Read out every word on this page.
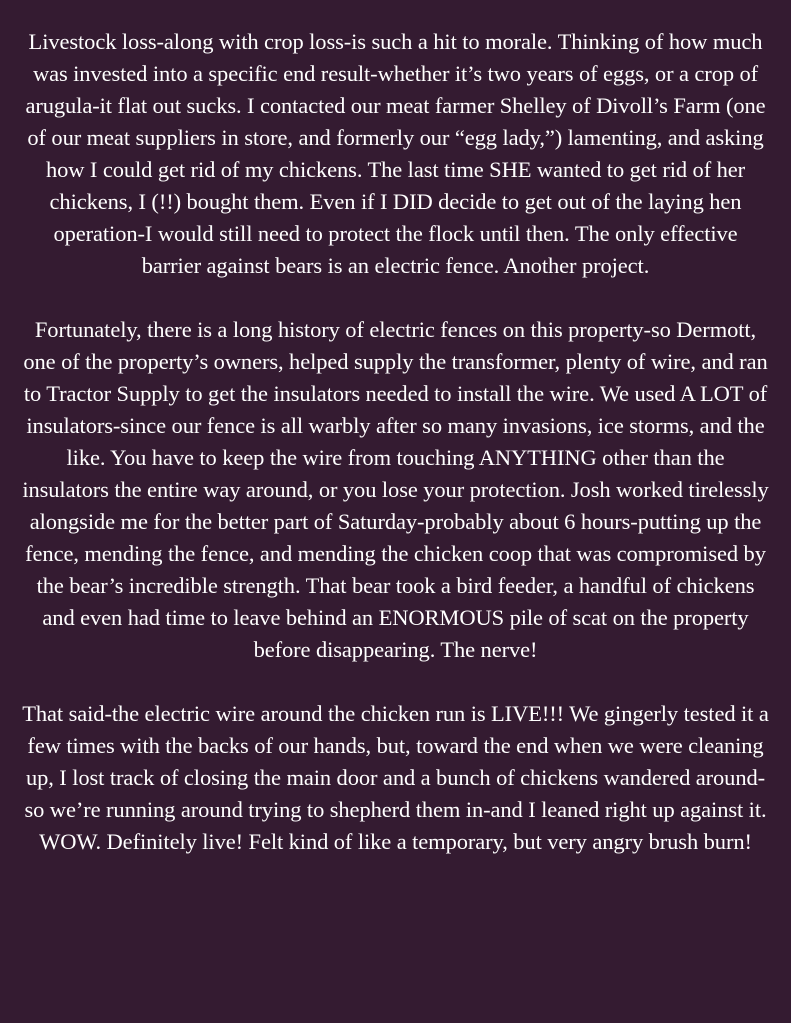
Livestock loss-along with crop loss-is such a hit to morale. Thinking of how much was invested into a specific end result-whether it’s two years of eggs, or a crop of arugula-it flat out sucks. I contacted our meat farmer Shelley of Divoll’s Farm (one of our meat suppliers in store, and formerly our “egg lady,”) lamenting, and asking how I could get rid of my chickens. The last time SHE wanted to get rid of her chickens, I (!!) bought them. Even if I DID decide to get out of the laying hen operation-I would still need to protect the flock until then. The only effective barrier against bears is an electric fence. Another project.

Fortunately, there is a long history of electric fences on this property-so Dermott, one of the property’s owners, helped supply the transformer, plenty of wire, and ran to Tractor Supply to get the insulators needed to install the wire. We used A LOT of insulators-since our fence is all warbly after so many invasions, ice storms, and the like. You have to keep the wire from touching ANYTHING other than the insulators the entire way around, or you lose your protection. Josh worked tirelessly alongside me for the better part of Saturday-probably about 6 hours-putting up the fence, mending the fence, and mending the chicken coop that was compromised by the bear’s incredible strength. That bear took a bird feeder, a handful of chickens and even had time to leave behind an ENORMOUS pile of scat on the property before disappearing. The nerve!

That said-the electric wire around the chicken run is LIVE!!! We gingerly tested it a few times with the backs of our hands, but, toward the end when we were cleaning up, I lost track of closing the main door and a bunch of chickens wandered around-so we’re running around trying to shepherd them in-and I leaned right up against it. WOW. Definitely live! Felt kind of like a temporary, but very angry brush burn!
